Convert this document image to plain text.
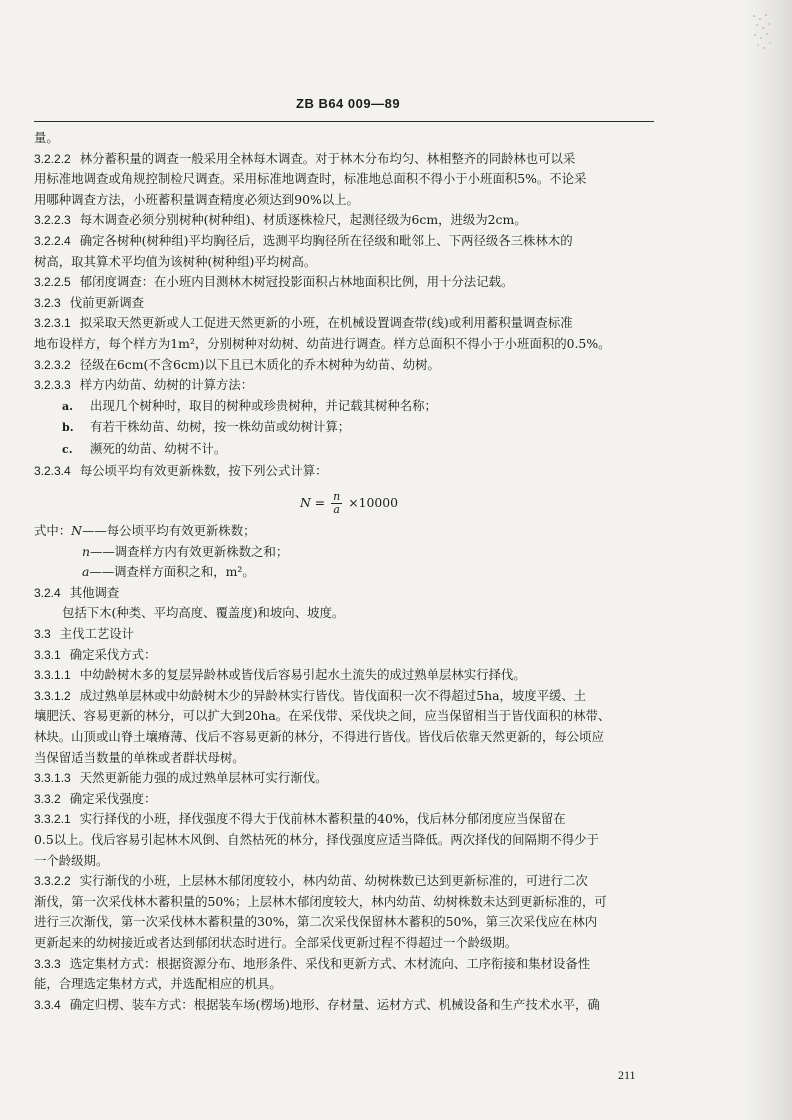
ZB B64 009—89

量。

3.2.2.2 林分蓄积量的调查一般采用全林每木调查。对于林木分布均匀、林相整齐的同龄林也可以采

用标准地调查或角规控制检尺调查。采用标准地调查时，标准地总面积不得小于小班面积5%。不论采

用哪种调查方法，小班蓄积量调查精度必须达到90%以上。

3.2.2.3 每木调查必须分别树种(树种组)、材质逐株检尺，起测径级为6cm，进级为2cm。

3.2.2.4 确定各树种(树种组)平均胸径后，选测平均胸径所在径级和毗邻上、下两径级各三株林木的

树高，取其算术平均值为该树种(树种组)平均树高。

3.2.2.5 郁闭度调查：在小班内目测林木树冠投影面积占林地面积比例，用十分法记载。

3.2.3 伐前更新调查

3.2.3.1 拟采取天然更新或人工促进天然更新的小班，在机械设置调查带(线)或利用蓄积量调查标准

地布设样方，每个样方为1m²，分别树种对幼树、幼苗进行调查。样方总面积不得小于小班面积的0.5%。

3.2.3.2 径级在6cm(不含6cm)以下且已木质化的乔木树种为幼苗、幼树。

3.2.3.3 样方内幼苗、幼树的计算方法：

a. 出现几个树种时，取目的树种或珍贵树种，并记载其树种名称；

b. 有若干株幼苗、幼树，按一株幼苗或幼树计算；

c. 濒死的幼苗、幼树不计。

3.2.3.4 每公顷平均有效更新株数，按下列公式计算：

$N = \frac{n}{a} \times 10000$

式中：N——每公顷平均有效更新株数；

n——调查样方内有效更新株数之和；

a——调查样方面积之和，m²。

3.2.4 其他调查

包括下木(种类、平均高度、覆盖度)和坡向、坡度。

3.3 主伐工艺设计

3.3.1 确定采伐方式：

3.3.1.1 中幼龄树木多的复层异龄林或皆伐后容易引起水土流失的成过熟单层林实行择伐。

3.3.1.2 成过熟单层林或中幼龄树木少的异龄林实行皆伐。皆伐面积一次不得超过5ha，坡度平缓、土

壤肥沃、容易更新的林分，可以扩大到20ha。在采伐带、采伐块之间，应当保留相当于皆伐面积的林带、

林块。山顶或山脊土壤瘠薄、伐后不容易更新的林分，不得进行皆伐。皆伐后依靠天然更新的，每公顷应

当保留适当数量的单株或者群状母树。

3.3.1.3 天然更新能力强的成过熟单层林可实行渐伐。

3.3.2 确定采伐强度：

3.3.2.1 实行择伐的小班，择伐强度不得大于伐前林木蓄积量的40%，伐后林分郁闭度应当保留在

0.5以上。伐后容易引起林木风倒、自然枯死的林分，择伐强度应适当降低。两次择伐的间隔期不得少于

一个龄级期。

3.3.2.2 实行渐伐的小班，上层林木郁闭度较小，林内幼苗、幼树株数已达到更新标准的，可进行二次

渐伐，第一次采伐林木蓄积量的50%；上层林木郁闭度较大，林内幼苗、幼树株数未达到更新标准的，可

进行三次渐伐，第一次采伐林木蓄积量的30%，第二次采伐保留林木蓄积的50%，第三次采伐应在林内

更新起来的幼树接近或者达到郁闭状态时进行。全部采伐更新过程不得超过一个龄级期。

3.3.3 选定集材方式：根据资源分布、地形条件、采伐和更新方式、木材流向、工序衔接和集材设备性

能，合理选定集材方式，并选配相应的机具。

3.3.4 确定归楞、装车方式：根据装车场(楞场)地形、存材量、运材方式、机械设备和生产技术水平，确

211
